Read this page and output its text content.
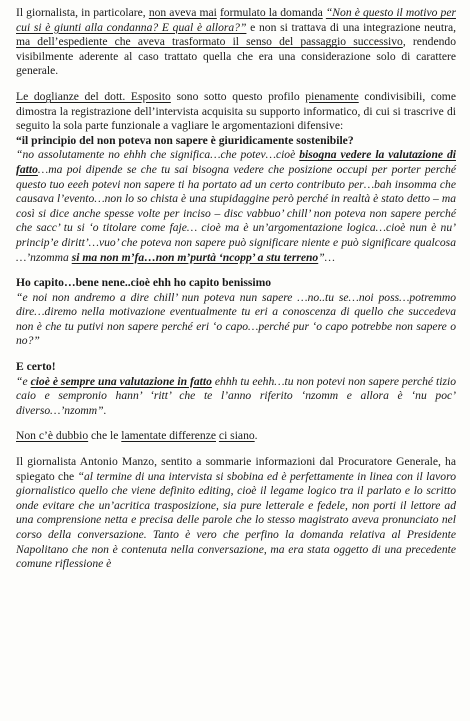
Il giornalista, in particolare, non aveva mai formulato la domanda “Non è questo il motivo per cui si è giunti alla condanna? E qual è allora?” e non si trattava di una integrazione neutra, ma dell’espediente che aveva trasformato il senso del passaggio successivo, rendendo visibilmente aderente al caso trattato quella che era una considerazione solo di carattere generale.

Le doglianze del dott. Esposito sono sotto questo profilo pienamente condivisibili, come dimostra la registrazione dell’intervista acquisita su supporto informatico, di cui si trascrive di seguito la sola parte funzionale a vagliare le argomentazioni difensive:

“il principio del non poteva non sapere è giuridicamente sostenibile?

“no assolutamente no ehhh che significa…che potev…cioè bisogna vedere la valutazione di fatto…ma poi dipende se che tu sai bisogna vedere che posizione occupi per porter perché questo tuo eeeh potevi non sapere ti ha portato ad un certo contributo per…bah insomma che causava l’evento…non lo so chista è una stupidaggine però perché in realtà è stato detto – ma così si dice anche spesse volte per inciso – disc vabbuo’ chill’ non poteva non sapere perché che sacc’ tu si ‘o titolare come faje… cioè ma è un’argomentazione logica…cioè nun è nu’ princip’e diritt’…vuo’ che poteva non sapere può significare niente e può significare qualcosa …’nzomma si ma non m’fa…non m’purtà ‘ncopp’ a stu terreno”…

Ho capito…bene nene..cioè ehh ho capito benissimo

“e noi non andremo a dire chill’ nun poteva nun sapere …no..tu se…noi poss…potremmo dire…diremo nella motivazione eventualmente tu eri a conoscenza di quello che succedeva non è che tu putivi non sapere perché eri ‘o capo…perché pur ‘o capo potrebbe non sapere o no?”

E certo!

“e cioè è sempre una valutazione in fatto ehhh tu eehh…tu non potevi non sapere perché tizio caio e sempronio hann’ ‘ritt’ che te l’anno riferito ‘nzomm e allora è ‘nu poc’ diverso…’nzomm”.

Non c’è dubbio che le lamentate differenze ci siano.

Il giornalista Antonio Manzo, sentito a sommarie informazioni dal Procuratore Generale, ha spiegato che “al termine di una intervista si sbobina ed è perfettamente in linea con il lavoro giornalistico quello che viene definito editing, cioè il legame logico tra il parlato e lo scritto onde evitare che un’acritica trasposizione, sia pure letterale e fedele, non porti il lettore ad una comprensione netta e precisa delle parole che lo stesso magistrato aveva pronunciato nel corso della conversazione. Tanto è vero che perfino la domanda relativa al Presidente Napolitano che non è contenuta nella conversazione, ma era stata oggetto di una precedente comune riflessione è
